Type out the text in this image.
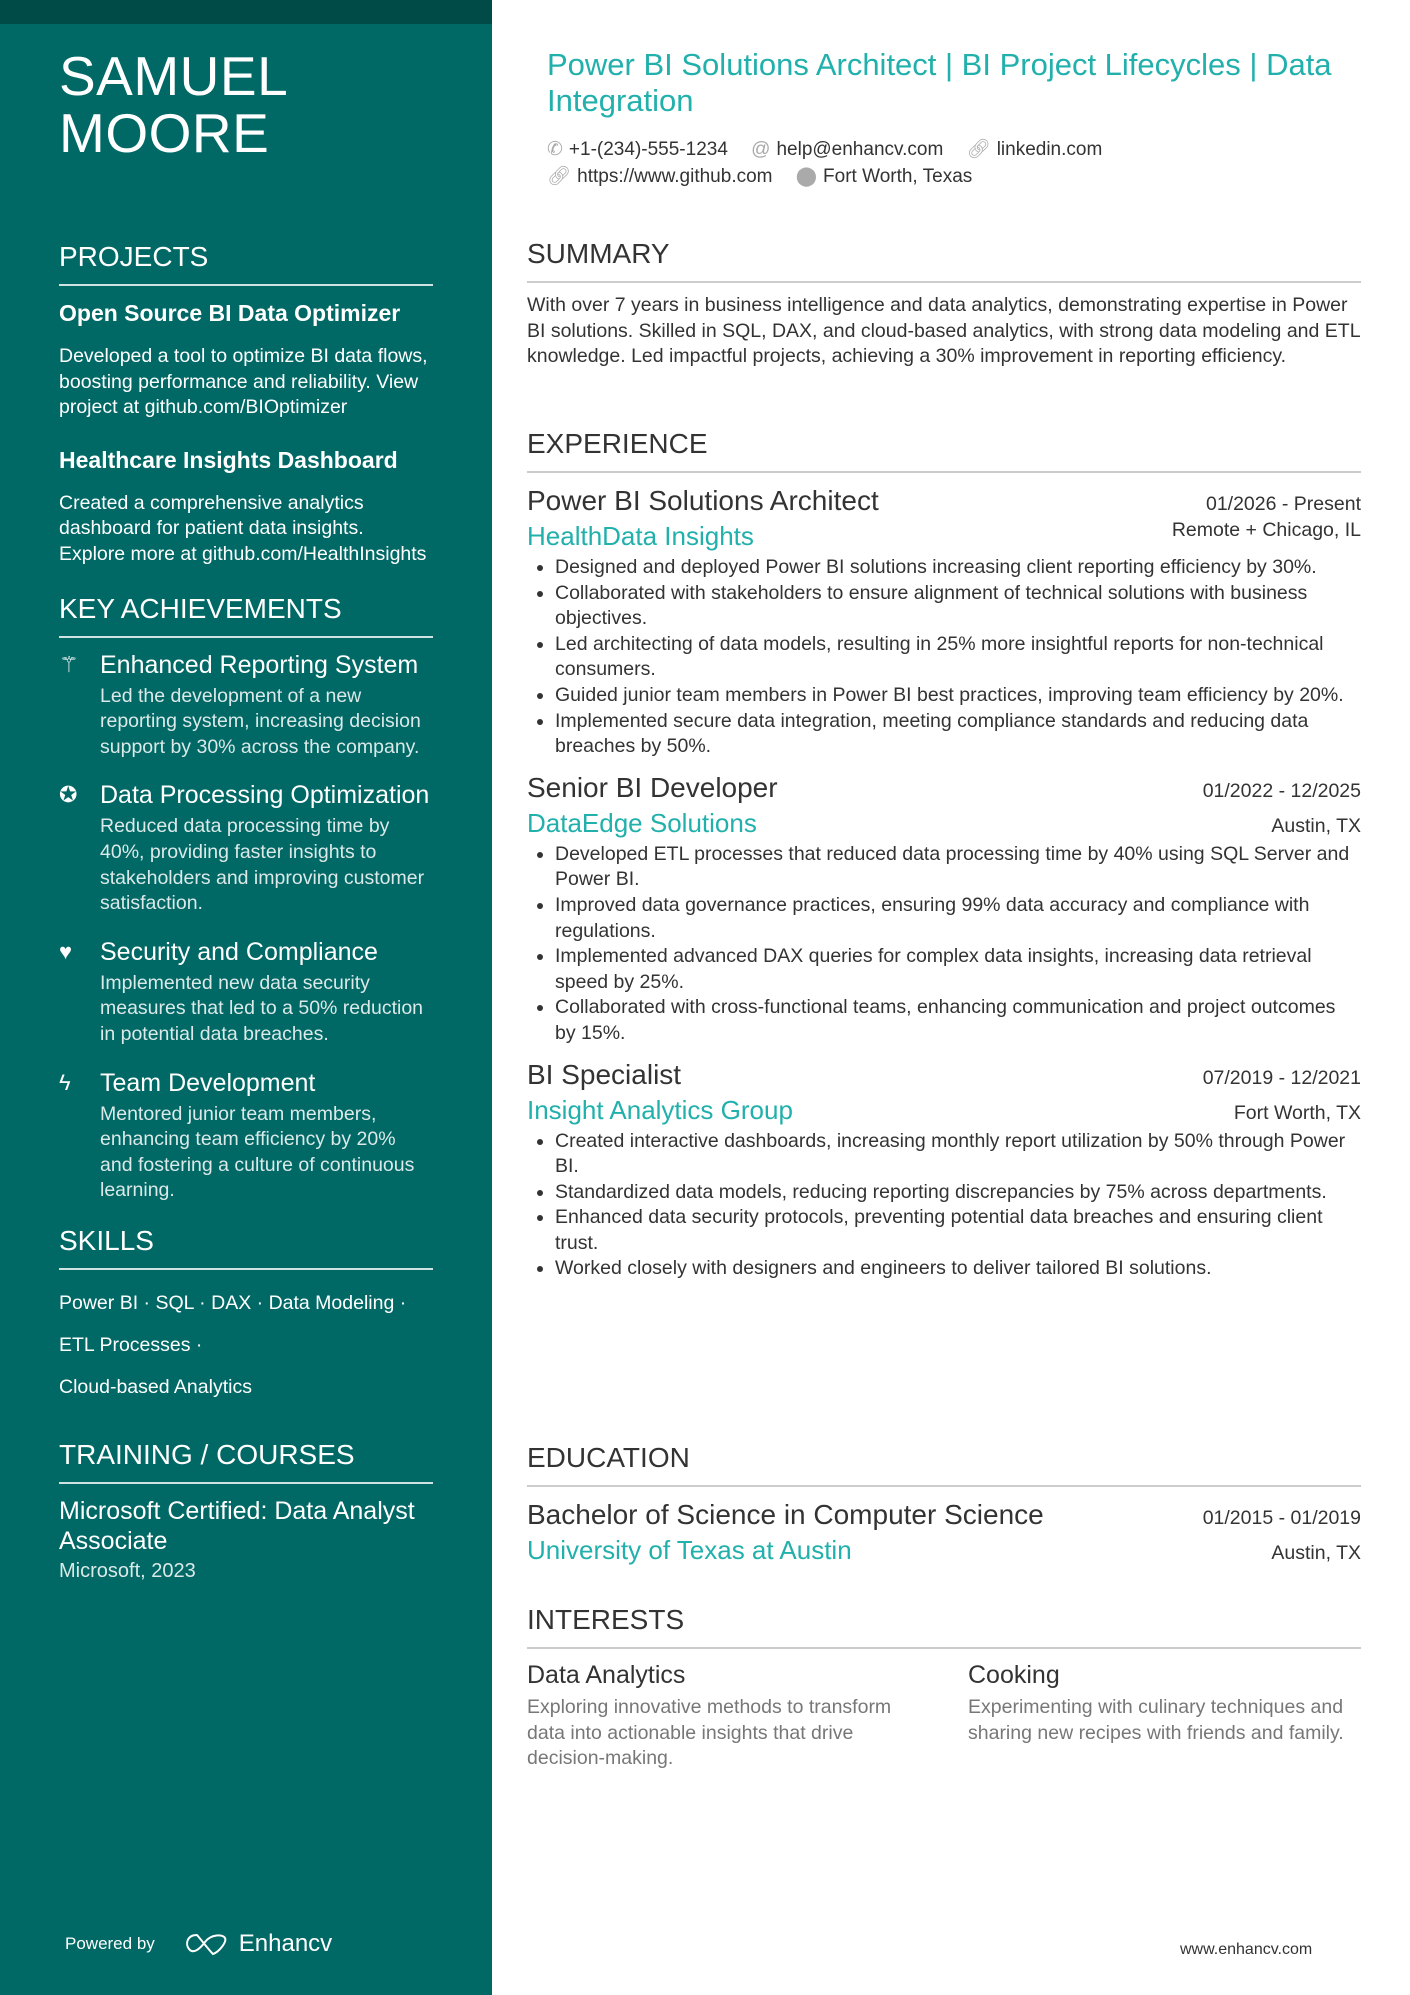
SAMUEL
MOORE
PROJECTS
Open Source BI Data Optimizer
Developed a tool to optimize BI data flows, boosting performance and reliability. View project at github.com/BIOptimizer
Healthcare Insights Dashboard
Created a comprehensive analytics dashboard for patient data insights. Explore more at github.com/HealthInsights
KEY ACHIEVEMENTS
⚚ Enhanced Reporting System
Led the development of a new reporting system, increasing decision support by 30% across the company.
✪ Data Processing Optimization
Reduced data processing time by 40%, providing faster insights to stakeholders and improving customer satisfaction.
♥	Security and Compliance
Implemented new data security measures that led to a 50% reduction in potential data breaches.
ϟ	Team Development
Mentored junior team members, enhancing team efficiency by 20% and fostering a culture of continuous learning.
SKILLS
Power BI · SQL · DAX · Data Modeling ·
ETL Processes ·
Cloud-based Analytics
TRAINING / COURSES
Microsoft Certified: Data Analyst Associate
Microsoft, 2023
Powered by	Enhancv
Power BI Solutions Architect | BI Project Lifecycles | Data Integration
✆ +1-(234)-555-1234 @ help@enhancv.com 🔗︎ linkedin.com
🔗︎ https://www.github.com ⬤ Fort Worth, Texas
SUMMARY
With over 7 years in business intelligence and data analytics, demonstrating expertise in Power BI solutions. Skilled in SQL, DAX, and cloud-based analytics, with strong data modeling and ETL knowledge. Led impactful projects, achieving a 30% improvement in reporting efficiency.
EXPERIENCE
Power BI Solutions Architect	01/2026 - Present
HealthData Insights	Remote + Chicago, IL
• Designed and deployed Power BI solutions increasing client reporting efficiency by 30%.
• Collaborated with stakeholders to ensure alignment of technical solutions with business objectives.
• Led architecting of data models, resulting in 25% more insightful reports for non-technical consumers.
• Guided junior team members in Power BI best practices, improving team efficiency by 20%.
• Implemented secure data integration, meeting compliance standards and reducing data breaches by 50%.
Senior BI Developer	01/2022 - 12/2025
DataEdge Solutions	Austin, TX
• Developed ETL processes that reduced data processing time by 40% using SQL Server and Power BI.
• Improved data governance practices, ensuring 99% data accuracy and compliance with regulations.
• Implemented advanced DAX queries for complex data insights, increasing data retrieval speed by 25%.
• Collaborated with cross-functional teams, enhancing communication and project outcomes by 15%.
BI Specialist	07/2019 - 12/2021
Insight Analytics Group	Fort Worth, TX
• Created interactive dashboards, increasing monthly report utilization by 50% through Power BI.
• Standardized data models, reducing reporting discrepancies by 75% across departments.
• Enhanced data security protocols, preventing potential data breaches and ensuring client trust.
• Worked closely with designers and engineers to deliver tailored BI solutions.
EDUCATION
Bachelor of Science in Computer Science	01/2015 - 01/2019
University of Texas at Austin	Austin, TX
INTERESTS
Data Analytics
Exploring innovative methods to transform data into actionable insights that drive decision-making.
Cooking
Experimenting with culinary techniques and sharing new recipes with friends and family.
www.enhancv.com
